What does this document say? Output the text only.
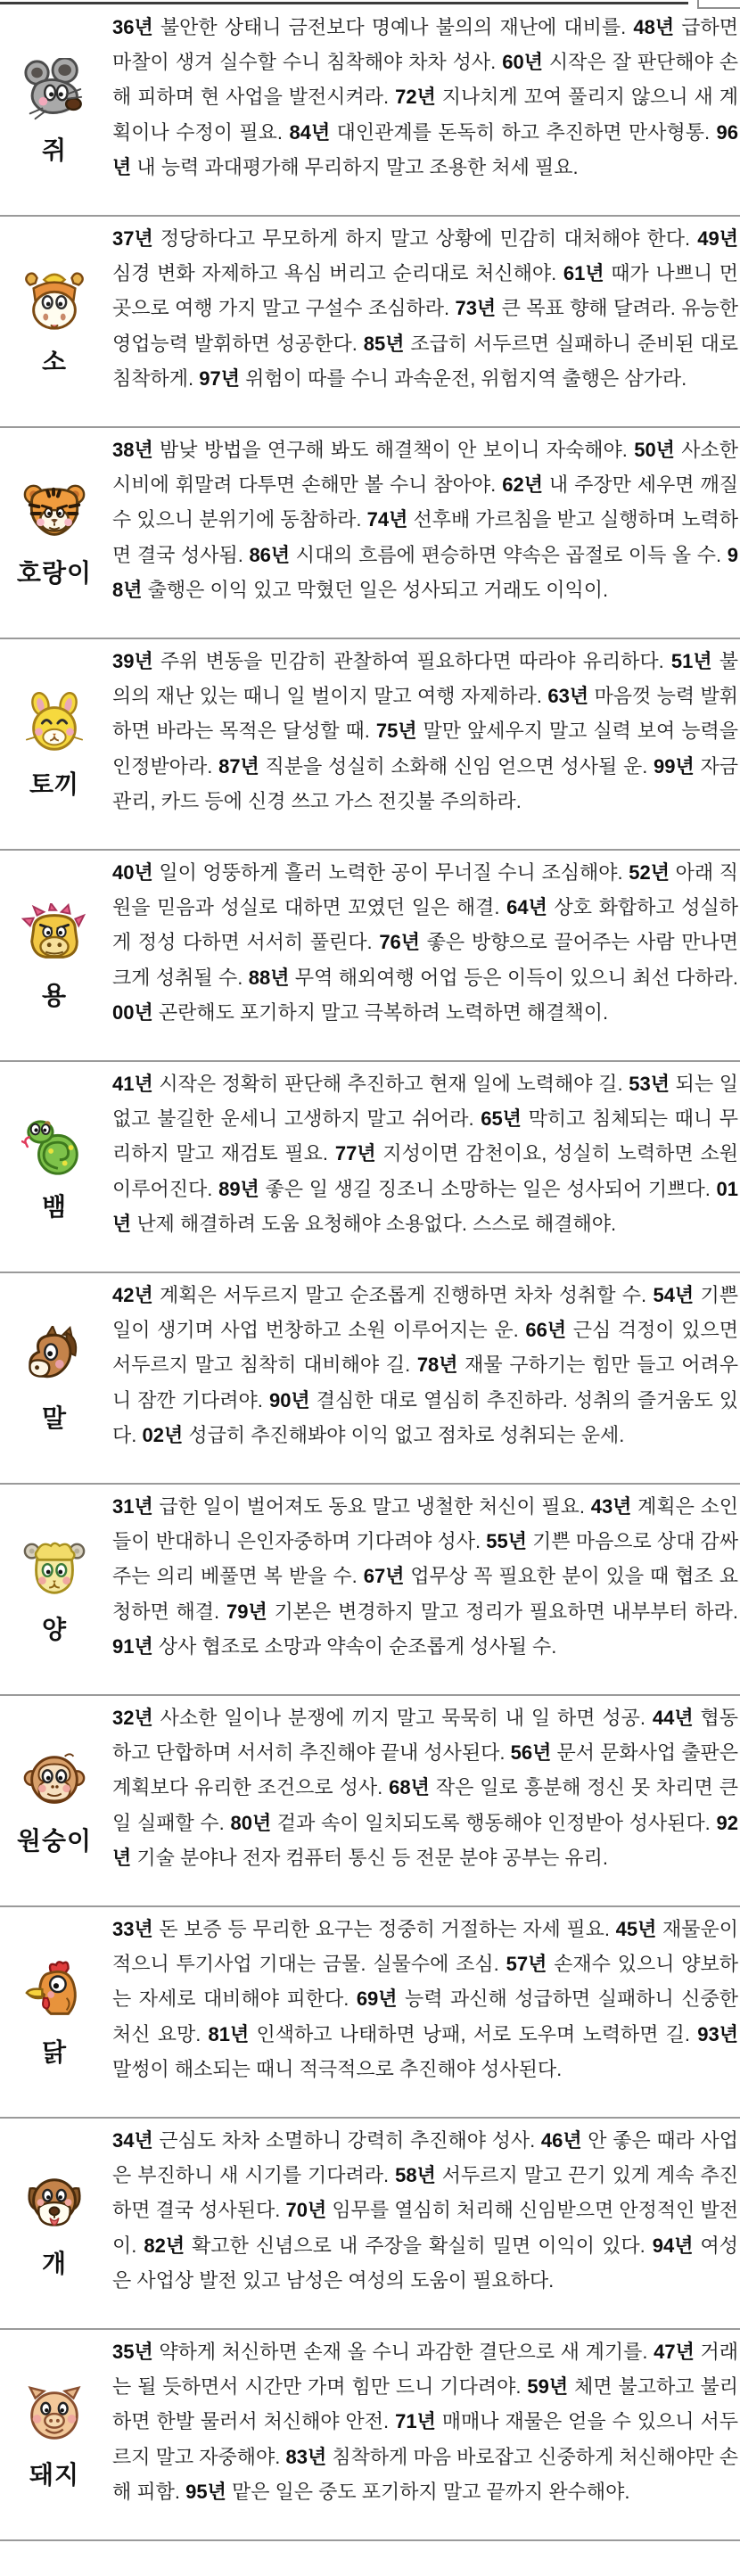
쥐

36년 불안한 상태니 금전보다 명예나 불의의 재난에 대비를. 48년 급하면 마찰이 생겨 실수할 수니 침착해야 차차 성사. 60년 시작은 잘 판단해야 손해 피하며 현 사업을 발전시켜라. 72년 지나치게 꼬여 풀리지 않으니 새 계획이나 수정이 필요. 84년 대인관계를 돈독히 하고 추진하면 만사형통. 96년 내 능력 과대평가해 무리하지 말고 조용한 처세 필요.

소

37년 정당하다고 무모하게 하지 말고 상황에 민감히 대처해야 한다. 49년 심경 변화 자제하고 욕심 버리고 순리대로 처신해야. 61년 때가 나쁘니 먼 곳으로 여행 가지 말고 구설수 조심하라. 73년 큰 목표 향해 달려라. 유능한 영업능력 발휘하면 성공한다. 85년 조급히 서두르면 실패하니 준비된 대로 침착하게. 97년 위험이 따를 수니 과속운전, 위험지역 출행은 삼가라.

호랑이

38년 밤낮 방법을 연구해 봐도 해결책이 안 보이니 자숙해야. 50년 사소한 시비에 휘말려 다투면 손해만 볼 수니 참아야. 62년 내 주장만 세우면 깨질 수 있으니 분위기에 동참하라. 74년 선후배 가르침을 받고 실행하며 노력하면 결국 성사됨. 86년 시대의 흐름에 편승하면 약속은 곱절로 이득 올 수. 98년 출행은 이익 있고 막혔던 일은 성사되고 거래도 이익이.

토끼

39년 주위 변동을 민감히 관찰하여 필요하다면 따라야 유리하다. 51년 불의의 재난 있는 때니 일 벌이지 말고 여행 자제하라. 63년 마음껏 능력 발휘하면 바라는 목적은 달성할 때. 75년 말만 앞세우지 말고 실력 보여 능력을 인정받아라. 87년 직분을 성실히 소화해 신임 얻으면 성사될 운. 99년 자금 관리, 카드 등에 신경 쓰고 가스 전깃불 주의하라.

용

40년 일이 엉뚱하게 흘러 노력한 공이 무너질 수니 조심해야. 52년 아래 직원을 믿음과 성실로 대하면 꼬였던 일은 해결. 64년 상호 화합하고 성실하게 정성 다하면 서서히 풀린다. 76년 좋은 방향으로 끌어주는 사람 만나면 크게 성취될 수. 88년 무역 해외여행 어업 등은 이득이 있으니 최선 다하라. 00년 곤란해도 포기하지 말고 극복하려 노력하면 해결책이.

뱀

41년 시작은 정확히 판단해 추진하고 현재 일에 노력해야 길. 53년 되는 일 없고 불길한 운세니 고생하지 말고 쉬어라. 65년 막히고 침체되는 때니 무리하지 말고 재검토 필요. 77년 지성이면 감천이요, 성실히 노력하면 소원 이루어진다. 89년 좋은 일 생길 징조니 소망하는 일은 성사되어 기쁘다. 01년 난제 해결하려 도움 요청해야 소용없다. 스스로 해결해야.

말

42년 계획은 서두르지 말고 순조롭게 진행하면 차차 성취할 수. 54년 기쁜 일이 생기며 사업 번창하고 소원 이루어지는 운. 66년 근심 걱정이 있으면 서두르지 말고 침착히 대비해야 길. 78년 재물 구하기는 힘만 들고 어려우니 잠깐 기다려야. 90년 결심한 대로 열심히 추진하라. 성취의 즐거움도 있다. 02년 성급히 추진해봐야 이익 없고 점차로 성취되는 운세.

양

31년 급한 일이 벌어져도 동요 말고 냉철한 처신이 필요. 43년 계획은 소인들이 반대하니 은인자중하며 기다려야 성사. 55년 기쁜 마음으로 상대 감싸주는 의리 베풀면 복 받을 수. 67년 업무상 꼭 필요한 분이 있을 때 협조 요청하면 해결. 79년 기본은 변경하지 말고 정리가 필요하면 내부부터 하라. 91년 상사 협조로 소망과 약속이 순조롭게 성사될 수.

원숭이

32년 사소한 일이나 분쟁에 끼지 말고 묵묵히 내 일 하면 성공. 44년 협동하고 단합하며 서서히 추진해야 끝내 성사된다. 56년 문서 문화사업 출판은 계획보다 유리한 조건으로 성사. 68년 작은 일로 흥분해 정신 못 차리면 큰일 실패할 수. 80년 겉과 속이 일치되도록 행동해야 인정받아 성사된다. 92년 기술 분야나 전자 컴퓨터 통신 등 전문 분야 공부는 유리.

닭

33년 돈 보증 등 무리한 요구는 정중히 거절하는 자세 필요. 45년 재물운이 적으니 투기사업 기대는 금물. 실물수에 조심. 57년 손재수 있으니 양보하는 자세로 대비해야 피한다. 69년 능력 과신해 성급하면 실패하니 신중한 처신 요망. 81년 인색하고 나태하면 낭패, 서로 도우며 노력하면 길. 93년 말썽이 해소되는 때니 적극적으로 추진해야 성사된다.

개

34년 근심도 차차 소멸하니 강력히 추진해야 성사. 46년 안 좋은 때라 사업은 부진하니 새 시기를 기다려라. 58년 서두르지 말고 끈기 있게 계속 추진하면 결국 성사된다. 70년 임무를 열심히 처리해 신임받으면 안정적인 발전이. 82년 확고한 신념으로 내 주장을 확실히 밀면 이익이 있다. 94년 여성은 사업상 발전 있고 남성은 여성의 도움이 필요하다.

돼지

35년 약하게 처신하면 손재 올 수니 과감한 결단으로 새 계기를. 47년 거래는 될 듯하면서 시간만 가며 힘만 드니 기다려야. 59년 체면 불고하고 불리하면 한발 물러서 처신해야 안전. 71년 매매나 재물은 얻을 수 있으니 서두르지 말고 자중해야. 83년 침착하게 마음 바로잡고 신중하게 처신해야만 손해 피함. 95년 맡은 일은 중도 포기하지 말고 끝까지 완수해야.
